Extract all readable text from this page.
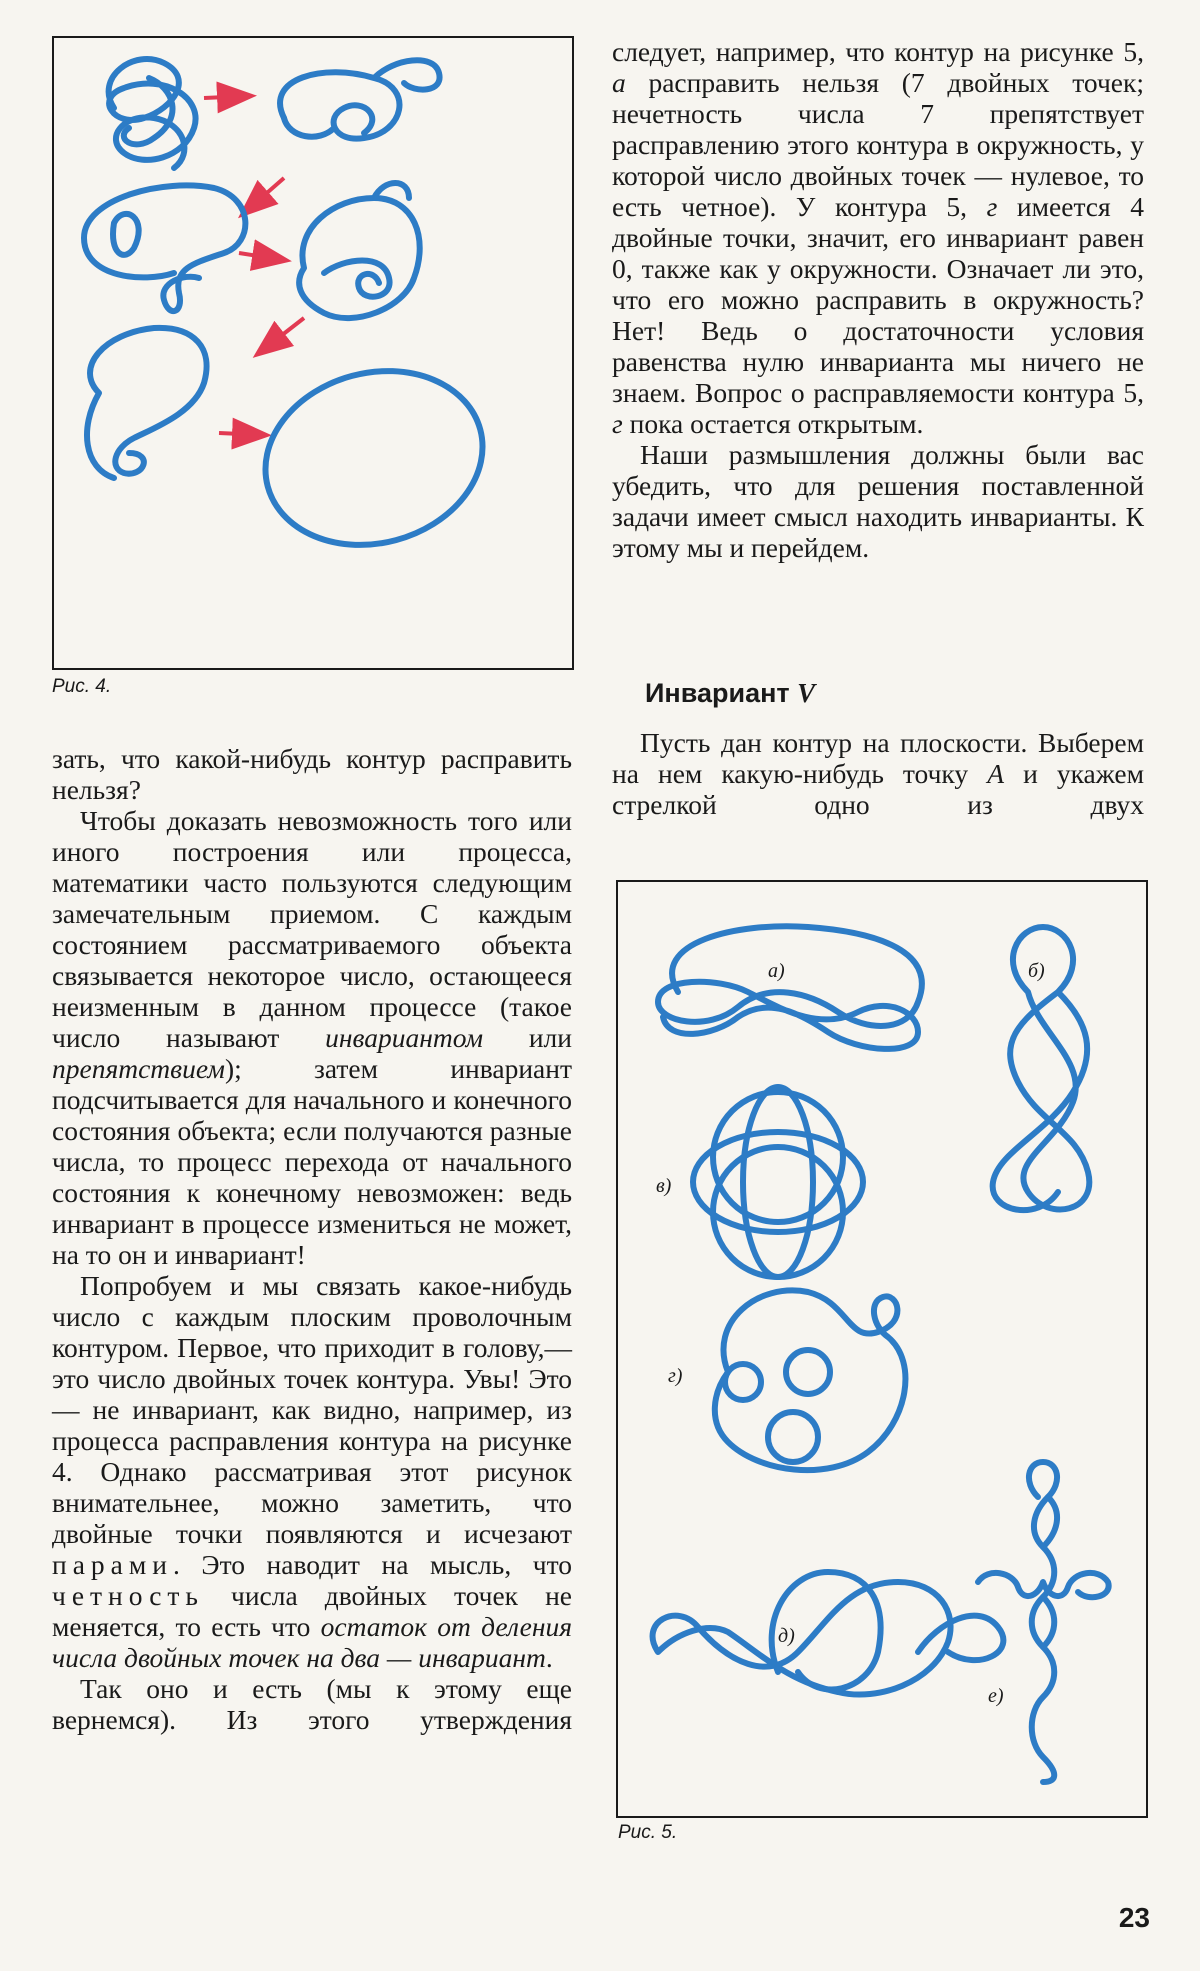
Рис. 4.

зать, что какой-нибудь контур расправить нельзя?

Чтобы доказать невозможность того или иного построения или процесса, математики часто пользуются следующим замечательным приемом. С каждым состоянием рассматриваемого объекта связывается некоторое число, остающееся неизменным в данном процессе (такое число называют инвариантом или препятствием); затем инвариант подсчитывается для начального и конечного состояния объекта; если получаются разные числа, то процесс перехода от начального состояния к конечному невозможен: ведь инвариант в процессе измениться не может, на то он и инвариант!

Попробуем и мы связать какое-нибудь число с каждым плоским проволочным контуром. Первое, что приходит в голову,— это число двойных точек контура. Увы! Это — не инвариант, как видно, например, из процесса расправления контура на рисунке 4. Однако рассматривая этот рисунок внимательнее, можно заметить, что двойные точки появляются и исчезают парами. Это наводит на мысль, что четность числа двойных точек не меняется, то есть что остаток от деления числа двойных точек на два — инвариант.

Так оно и есть (мы к этому еще вернемся). Из этого утверждения

следует, например, что контур на рисунке 5, а расправить нельзя (7 двойных точек; нечетность числа 7 препятствует расправлению этого контура в окружность, у которой число двойных точек — нулевое, то есть четное). У контура 5, г имеется 4 двойные точки, значит, его инвариант равен 0, также как у окружности. Означает ли это, что его можно расправить в окружность? Нет! Ведь о достаточности условия равенства нулю инварианта мы ничего не знаем. Вопрос о расправляемости контура 5, г пока остается открытым.

Наши размышления должны были вас убедить, что для решения поставленной задачи имеет смысл находить инварианты. К этому мы и перейдем.

Инвариант V

Пусть дан контур на плоскости. Выберем на нем какую-нибудь точку A и укажем стрелкой одно из двух

а)	б)
в)
г)
д)
е)
Рис. 5.
23
